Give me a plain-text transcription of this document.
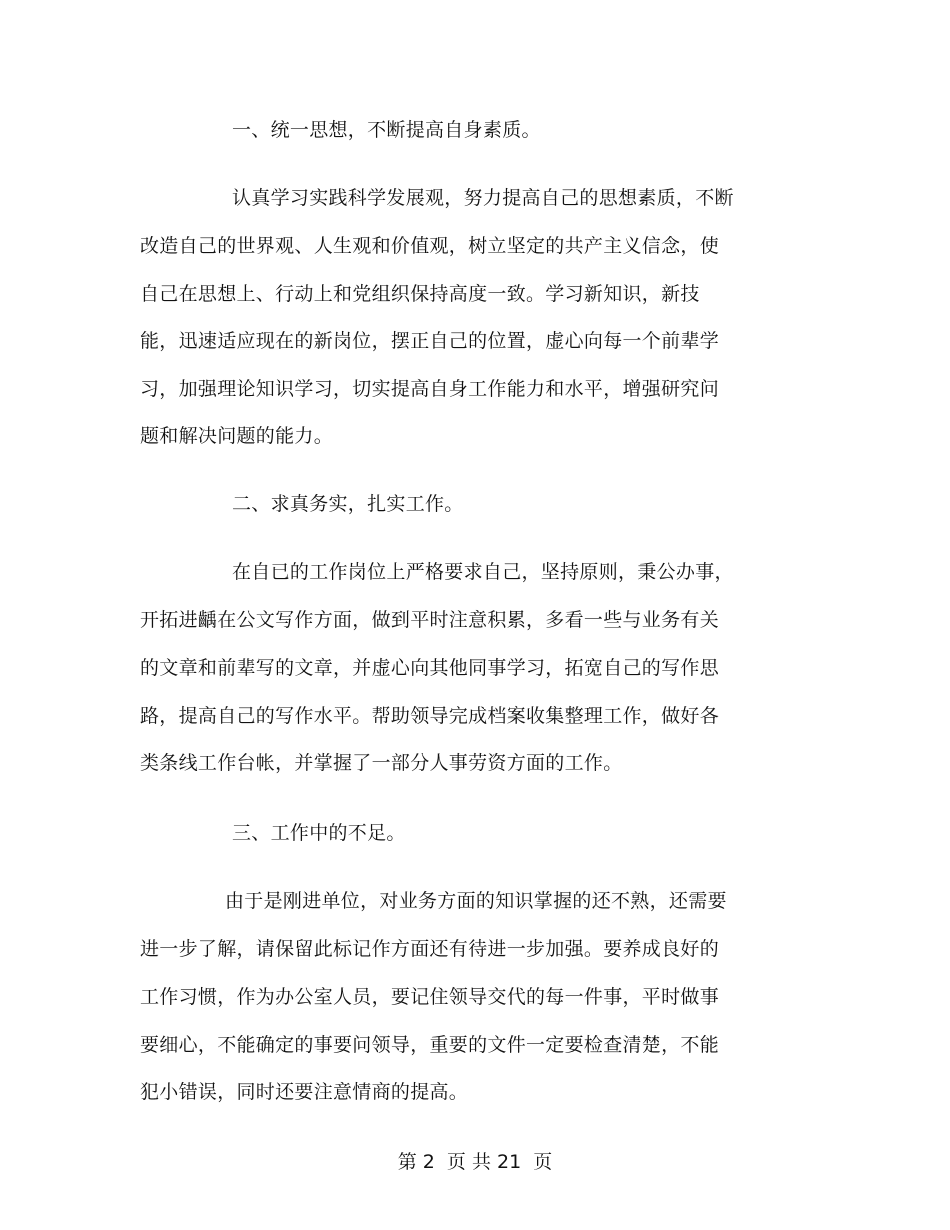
一、统一思想，不断提高自身素质。
认真学习实践科学发展观，努力提高自己的思想素质，不断
改造自己的世界观、人生观和价值观，树立坚定的共产主义信念，使
自己在思想上、行动上和党组织保持高度一致。学习新知识，新技
能，迅速适应现在的新岗位，摆正自己的位置，虚心向每一个前辈学
习，加强理论知识学习，切实提高自身工作能力和水平，增强研究问
题和解决问题的能力。
二、求真务实，扎实工作。
在自已的工作岗位上严格要求自己，坚持原则，秉公办事，
开拓进齲在公文写作方面，做到平时注意积累，多看一些与业务有关
的文章和前辈写的文章，并虚心向其他同事学习，拓宽自己的写作思
路，提高自己的写作水平。帮助领导完成档案收集整理工作，做好各
类条线工作台帐，并掌握了一部分人事劳资方面的工作。
三、工作中的不足。
由于是刚进单位，对业务方面的知识掌握的还不熟，还需要
进一步了解，请保留此标记作方面还有待进一步加强。要养成良好的
工作习惯，作为办公室人员，要记住领导交代的每一件事，平时做事
要细心，不能确定的事要问领导，重要的文件一定要检查清楚，不能
犯小错误，同时还要注意情商的提高。
第 2  页 共 21  页
